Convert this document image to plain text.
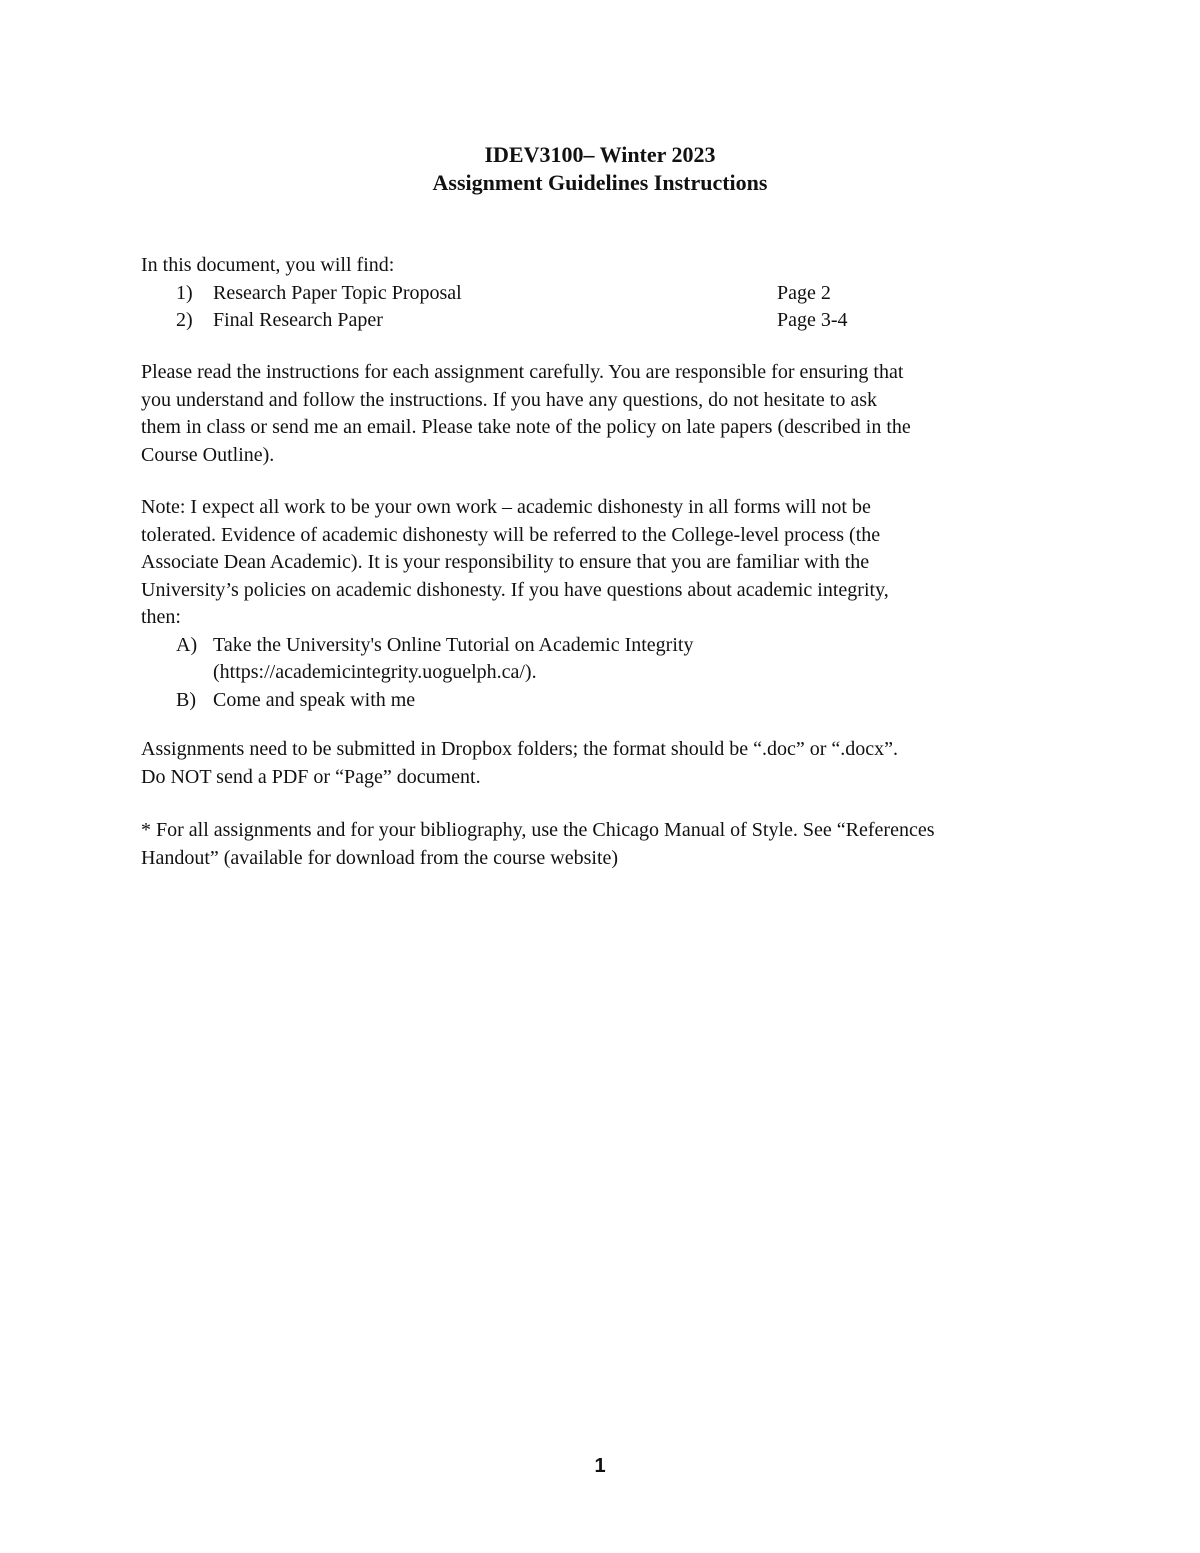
IDEV3100– Winter 2023
Assignment Guidelines Instructions
In this document, you will find:
1) Research Paper Topic Proposal	Page 2
2) Final Research Paper	Page 3-4
Please read the instructions for each assignment carefully. You are responsible for ensuring that
you understand and follow the instructions. If you have any questions, do not hesitate to ask
them in class or send me an email. Please take note of the policy on late papers (described in the
Course Outline).
Note: I expect all work to be your own work – academic dishonesty in all forms will not be
tolerated. Evidence of academic dishonesty will be referred to the College-level process (the
Associate Dean Academic). It is your responsibility to ensure that you are familiar with the
University’s policies on academic dishonesty. If you have questions about academic integrity,
then:
A) Take the University's Online Tutorial on Academic Integrity
(https://academicintegrity.uoguelph.ca/).
B) Come and speak with me
Assignments need to be submitted in Dropbox folders; the format should be “.doc” or “.docx”.
Do NOT send a PDF or “Page” document.
* For all assignments and for your bibliography, use the Chicago Manual of Style. See “References
Handout” (available for download from the course website)
1
